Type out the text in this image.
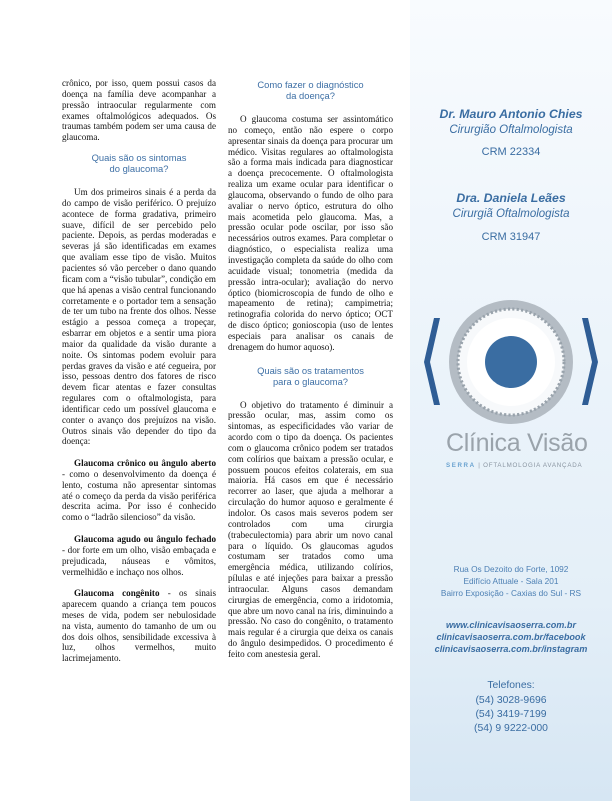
crônico, por isso, quem possui casos da doença na família deve acompanhar a pressão intraocular regularmente com exames oftalmológicos adequados. Os traumas também podem ser uma causa de glaucoma.

Quais são os sintomas

do glaucoma?

Um dos primeiros sinais é a perda da do campo de visão periférico. O prejuízo acontece de forma gradativa, primeiro suave, difícil de ser percebido pelo paciente. Depois, as perdas moderadas e severas já são identificadas em exames que avaliam esse tipo de visão. Muitos pacientes só vão perceber o dano quando ficam com a “visão tubular”, condição em que há apenas a visão central funcionando corretamente e o portador tem a sensação de ter um tubo na frente dos olhos. Nesse estágio a pessoa começa a tropeçar, esbarrar em objetos e a sentir uma piora maior da qualidade da visão durante a noite. Os sintomas podem evoluir para perdas graves da visão e até cegueira, por isso, pessoas dentro dos fatores de risco devem ficar atentas e fazer consultas regulares com o oftalmologista, para identificar cedo um possível glaucoma e conter o avanço dos prejuízos na visão. Outros sinais vão depender do tipo da doença:

Glaucoma crônico ou ângulo aberto - como o desenvolvimento da doença é lento, costuma não apresentar sintomas até o começo da perda da visão periférica descrita acima. Por isso é conhecido como o “ladrão silencioso” da visão.

Glaucoma agudo ou ângulo fechado - dor forte em um olho, visão embaçada e prejudicada, náuseas e vômitos, vermelhidão e inchaço nos olhos.

Glaucoma congênito - os sinais aparecem quando a criança tem poucos meses de vida, podem ser nebulosidade na vista, aumento do tamanho de um ou dos dois olhos, sensibilidade excessiva à luz, olhos vermelhos, muito lacrimejamento.

Como fazer o diagnóstico

da doença?

O glaucoma costuma ser assintomático no começo, então não espere o corpo apresentar sinais da doença para procurar um médico. Visitas regulares ao oftalmologista são a forma mais indicada para diagnosticar a doença precocemente. O oftalmologista realiza um exame ocular para identificar o glaucoma, observando o fundo de olho para avaliar o nervo óptico, estrutura do olho mais acometida pelo glaucoma. Mas, a pressão ocular pode oscilar, por isso são necessários outros exames. Para completar o diagnóstico, o especialista realiza uma investigação completa da saúde do olho com acuidade visual; tonometria (medida da pressão intra-ocular); avaliação do nervo óptico (biomicroscopia de fundo de olho e mapeamento de retina); campimetria; retinografia colorida do nervo óptico; OCT de disco óptico; gonioscopia (uso de lentes especiais para analisar os canais de drenagem do humor aquoso).

Quais são os tratamentos

para o glaucoma?

O objetivo do tratamento é diminuir a pressão ocular, mas, assim como os sintomas, as especificidades vão variar de acordo com o tipo da doença. Os pacientes com o glaucoma crônico podem ser tratados com colírios que baixam a pressão ocular, e possuem poucos efeitos colaterais, em sua maioria. Há casos em que é necessário recorrer ao laser, que ajuda a melhorar a circulação do humor aquoso e geralmente é indolor. Os casos mais severos podem ser controlados com uma cirurgia (trabeculectomia) para abrir um novo canal para o líquido. Os glaucomas agudos costumam ser tratados como uma emergência médica, utilizando colírios, pílulas e até injeções para baixar a pressão intraocular. Alguns casos demandam cirurgias de emergência, como a iridotomia, que abre um novo canal na íris, diminuindo a pressão. No caso do congênito, o tratamento mais regular é a cirurgia que deixa os canais do ângulo desimpedidos. O procedimento é feito com anestesia geral.

Dr. Mauro Antonio Chies
Cirurgião Oftalmologista
CRM 22334
Dra. Daniela Leães
Cirurgiã Oftalmologista
CRM 31947
Rua Os Dezoito do Forte, 1092
Edifício Attuale - Sala 201
Bairro Exposição - Caxias do Sul - RS
www.clinicavisaoserra.com.br
clinicavisaoserra.com.br/facebook
clinicavisaoserra.com.br/instagram
Telefones:
(54) 3028-9696
(54) 3419-7199
(54) 9 9222-000
Clínica Visão
SERRA | OFTALMOLOGIA AVANÇADA
